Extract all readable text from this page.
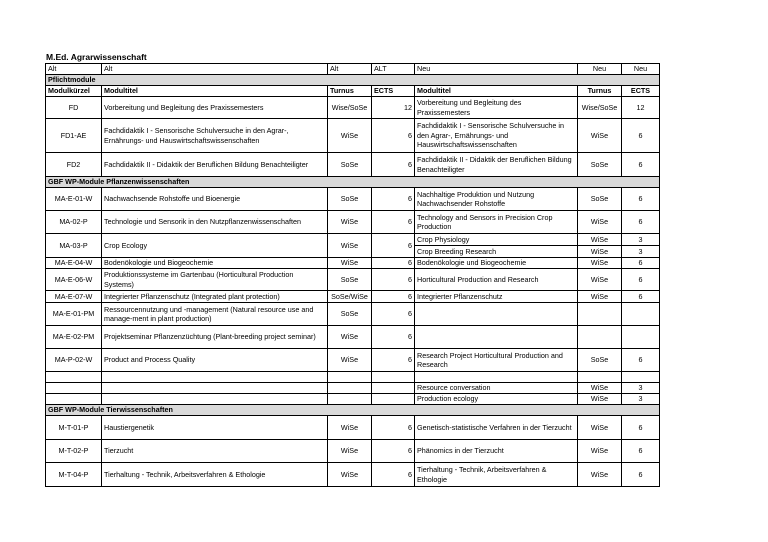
M.Ed. Agrarwissenschaft
Alt	Alt	Alt	ALT	Neu	Neu	Neu
Pflichtmodule						
Modulkürzel	Modultitel	Turnus	ECTS	Modultitel	Turnus	ECTS
FD	Vorbereitung und Begleitung des Praxissemesters	Wise/SoSe	12	Vorbereitung und Begleitung des Praxissemesters	Wise/SoSe	12
FD1-AE	Fachdidaktik I - Sensorische Schulversuche in den Agrar-, Ernährungs- und Hauswirtschaftswissenschaften	WiSe	6	Fachdidaktik I - Sensorische Schulversuche in den Agrar-, Ernährungs- und Hauswirtschaftswissenschaften	WiSe	6
FD2	Fachdidaktik II - Didaktik der Beruflichen Bildung Benachteiligter	SoSe	6	Fachdidaktik II - Didaktik der Beruflichen Bildung Benachteiligter	SoSe	6
GBF WP-Module Pflanzenwissenschaften						
MA-E-01-W	Nachwachsende Rohstoffe und Bioenergie	SoSe	6	Nachhaltige Produktion und Nutzung Nachwachsender Rohstoffe	SoSe	6
MA-02-P	Technologie und Sensorik in den Nutzpflanzenwissenschaften	WiSe	6	Technology and Sensors in Precision Crop Production	WiSe	6
MA-03-P	Crop Ecology	WiSe	6	Crop Physiology	WiSe	3
				Crop Breeding Research	WiSe	3
MA-E-04-W	Bodenökologie und Biogeochemie	WiSe	6	Bodenökologie und Biogeochemie	WiSe	6
MA-E-06-W	Produktionssysteme im Gartenbau (Horticultural Production Systems)	SoSe	6	Horticultural Production and Research	WiSe	6
MA-E-07-W	Integrierter Pflanzenschutz (Integrated plant protection)	SoSe/WiSe	6	Integrierter Pflanzenschutz	WiSe	6
MA-E-01-PM	Ressourcennutzung und -management (Natural resource use and manage-ment in plant production)	SoSe	6			
MA-E-02-PM	Projektseminar Pflanzenzüchtung (Plant-breeding project seminar)	WiSe	6			
MA-P-02-W	Product and Process Quality	WiSe	6	Research Project Horticultural Production and Research	SoSe	6

				Resource conversation	WiSe	3
				Production ecology	WiSe	3
GBF WP-Module Tierwissenschaften						
M-T-01-P	Haustiergenetik	WiSe	6	Genetisch-statistische Verfahren in der Tierzucht	WiSe	6
M-T-02-P	Tierzucht	WiSe	6	Phänomics in der Tierzucht	WiSe	6
M-T-04-P	Tierhaltung - Technik, Arbeitsverfahren & Ethologie	WiSe	6	Tierhaltung - Technik, Arbeitsverfahren & Ethologie	WiSe	6
